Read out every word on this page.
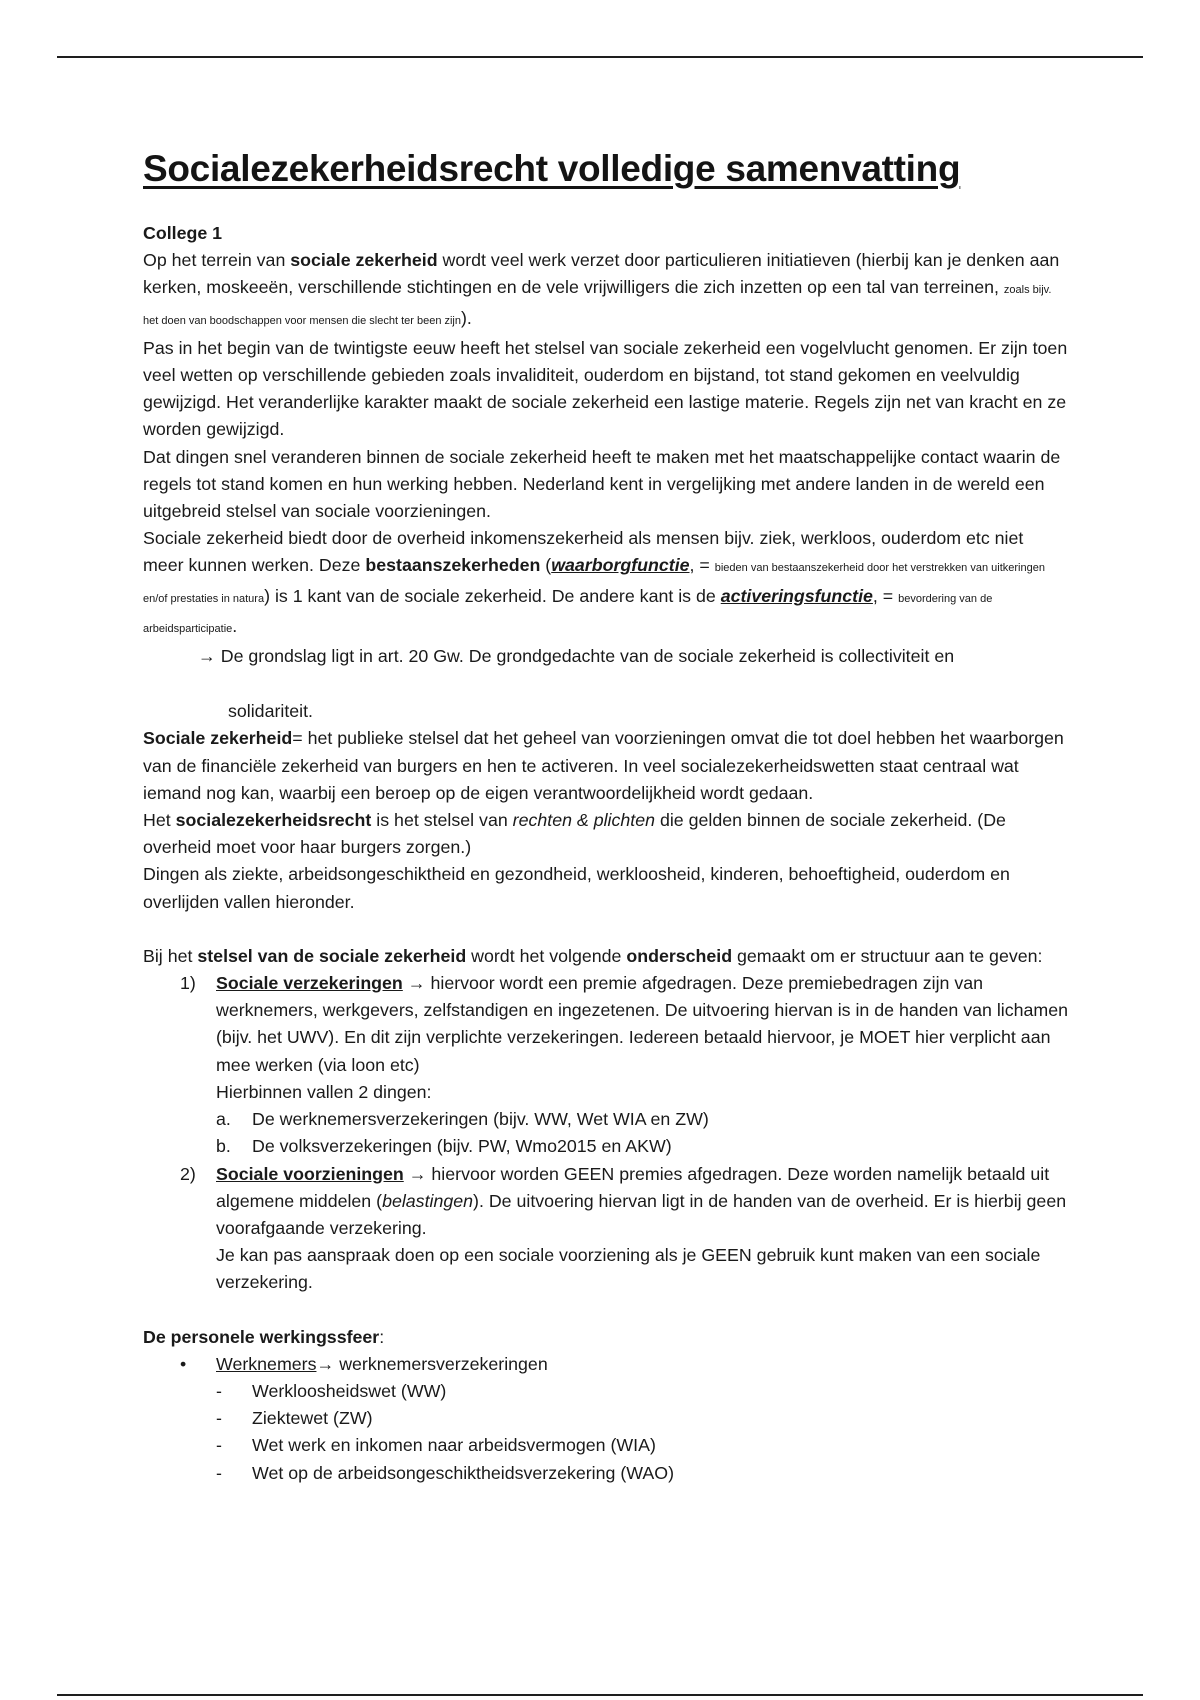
Socialezekerheidsrecht volledige samenvatting

College 1

Op het terrein van sociale zekerheid wordt veel werk verzet door particulieren initiatieven (hierbij kan je denken aan kerken, moskeeën, verschillende stichtingen en de vele vrijwilligers die zich inzetten op een tal van terreinen, zoals bijv. het doen van boodschappen voor mensen die slecht ter been zijn).

Pas in het begin van de twintigste eeuw heeft het stelsel van sociale zekerheid een vogelvlucht genomen. Er zijn toen veel wetten op verschillende gebieden zoals invaliditeit, ouderdom en bijstand, tot stand gekomen en veelvuldig gewijzigd. Het veranderlijke karakter maakt de sociale zekerheid een lastige materie. Regels zijn net van kracht en ze worden gewijzigd.

Dat dingen snel veranderen binnen de sociale zekerheid heeft te maken met het maatschappelijke contact waarin de regels tot stand komen en hun werking hebben. Nederland kent in vergelijking met andere landen in de wereld een uitgebreid stelsel van sociale voorzieningen.

Sociale zekerheid biedt door de overheid inkomenszekerheid als mensen bijv. ziek, werkloos, ouderdom etc niet meer kunnen werken. Deze bestaanszekerheden (waarborgfunctie, = bieden van bestaanszekerheid door het verstrekken van uitkeringen en/of prestaties in natura) is 1 kant van de sociale zekerheid. De andere kant is de activeringsfunctie, = bevordering van de arbeidsparticipatie.

→ De grondslag ligt in art. 20 Gw. De grondgedachte van de sociale zekerheid is collectiviteit en

solidariteit.

Sociale zekerheid= het publieke stelsel dat het geheel van voorzieningen omvat die tot doel hebben het waarborgen van de financiële zekerheid van burgers en hen te activeren. In veel socialezekerheidswetten staat centraal wat iemand nog kan, waarbij een beroep op de eigen verantwoordelijkheid wordt gedaan.

Het socialezekerheidsrecht is het stelsel van rechten & plichten die gelden binnen de sociale zekerheid. (De overheid moet voor haar burgers zorgen.)

Dingen als ziekte, arbeidsongeschiktheid en gezondheid, werkloosheid, kinderen, behoeftigheid, ouderdom en overlijden vallen hieronder.

Bij het stelsel van de sociale zekerheid wordt het volgende onderscheid gemaakt om er structuur aan te geven:

1) Sociale verzekeringen → hiervoor wordt een premie afgedragen. Deze premiebedragen zijn van werknemers, werkgevers, zelfstandigen en ingezetenen. De uitvoering hiervan is in de handen van lichamen (bijv. het UWV). En dit zijn verplichte verzekeringen. Iedereen betaald hiervoor, je MOET hier verplicht aan mee werken (via loon etc)

Hierbinnen vallen 2 dingen:

a. De werknemersverzekeringen (bijv. WW, Wet WIA en ZW)

b. De volksverzekeringen (bijv. PW, Wmo2015 en AKW)

2) Sociale voorzieningen → hiervoor worden GEEN premies afgedragen. Deze worden namelijk betaald uit algemene middelen (belastingen). De uitvoering hiervan ligt in de handen van de overheid. Er is hierbij geen voorafgaande verzekering.

Je kan pas aanspraak doen op een sociale voorziening als je GEEN gebruik kunt maken van een sociale verzekering.

De personele werkingssfeer:

• Werknemers→ werknemersverzekeringen

- Werkloosheidswet (WW)

- Ziektewet (ZW)

- Wet werk en inkomen naar arbeidsvermogen (WIA)

- Wet op de arbeidsongeschiktheidsverzekering (WAO)
